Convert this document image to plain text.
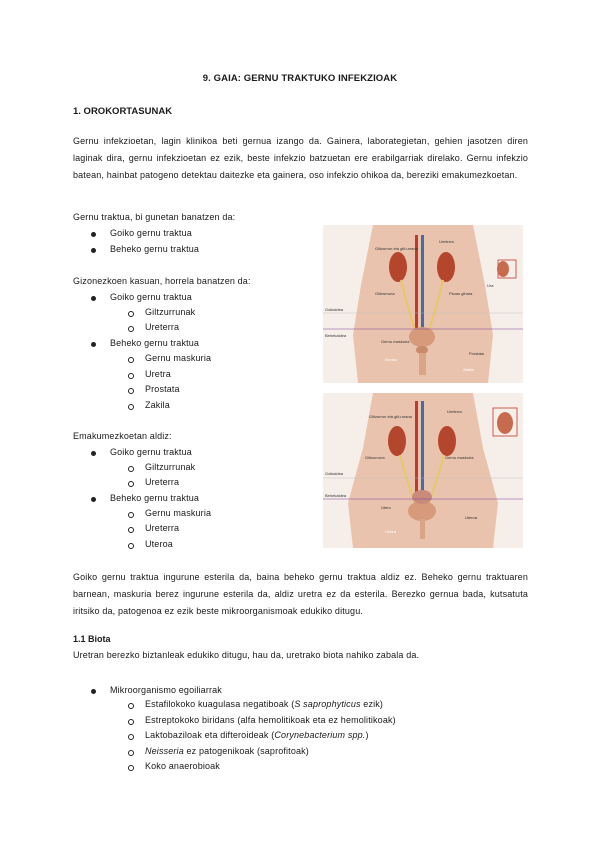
9. GAIA: GERNU TRAKTUKO INFEKZIOAK
1. OROKORTASUNAK
Gernu infekzioetan, lagin klinikoa beti gernua izango da. Gainera, laborategietan, gehien jasotzen diren laginak dira, gernu infekzioetan ez ezik, beste infekzio batzuetan ere erabilgarriak direlako. Gernu infekzio batean, hainbat patogeno detektau daitezke eta gainera, oso infekzio ohikoa da, bereziki emakumezkoetan.
Gernu traktua, bi gunetan banatzen da:
Goiko gernu traktua
Beheko gernu traktua
Gizonezkoen kasuan, horrela banatzen da:
Goiko gernu traktua
Giltzurrunak
Ureterra
Beheko gernu traktua
Gernu maskuria
Uretra
Prostata
Zakila
Emakumezkoetan aldiz:
Goiko gernu traktua
Giltzurrunak
Ureterra
Beheko gernu traktua
Gernu maskuria
Ureterra
Uteroa
Goiko gernu traktua ingurune esterila da, baina beheko gernu traktua aldiz ez. Beheko gernu traktuaren barnean, maskuria berez ingurune esterila da, aldiz uretra ez da esterila. Berezko gernua bada, kutsatuta iritsiko da, patogenoa ez ezik beste mikroorganismoak edukiko ditugu.
1.1 Biota
Uretran berezko biztanleak edukiko ditugu, hau da, uretrako biota nahiko zabala da.
Mikroorganismo egoiliarrak
Estafilokoko kuagulasa negatiboak (S saprophyticus ezik)
Estreptokoko biridans (alfa hemolitikoak eta ez hemolitikoak)
Laktobaziloak eta difteroideak (Corynebacterium spp.)
Neisseria ez patogenikoak (saprofitoak)
Koko anaerobioak
Giltzurrun eta gilt.urrana
Giltzurruna
Ureterra
Psoas gihara
Ura
Goikaldea
Behekaldea
Gernu maskuria
Bezika
Prostata
Zakila
Giltzurrun eta gilt.urrana
Giltzurruna
Ureterra
Gernu maskuria
Goikaldea
Behekaldea
Utero
Uretra
Uteroa
